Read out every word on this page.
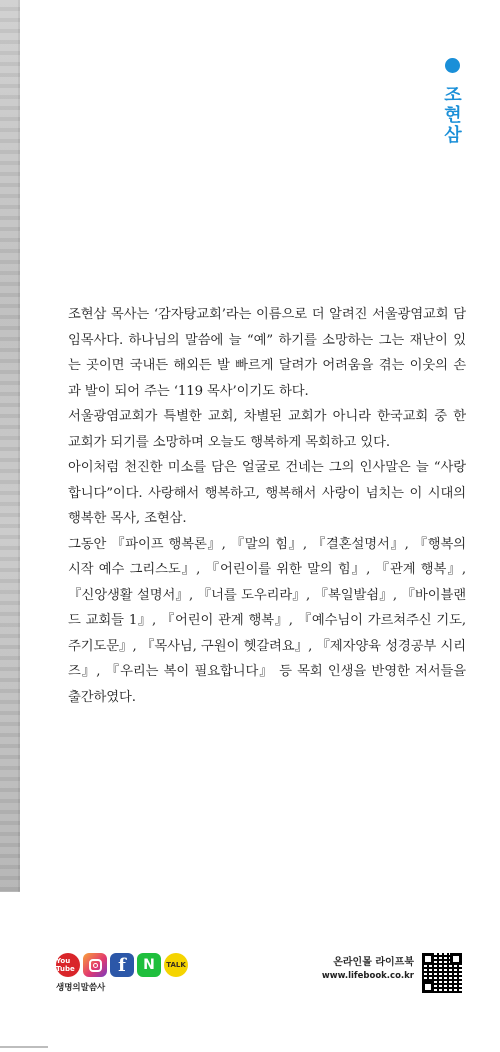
조현삼

조현삼 목사는 ‘감자탕교회’라는 이름으로 더 알려진 서울광염교회 담임목사다. 하나님의 말씀에 늘 “예” 하기를 소망하는 그는 재난이 있는 곳이면 국내든 해외든 발 빠르게 달려가 어려움을 겪는 이웃의 손과 발이 되어 주는 ‘119 목사’이기도 하다.

서울광염교회가 특별한 교회, 차별된 교회가 아니라 한국교회 중 한 교회가 되기를 소망하며 오늘도 행복하게 목회하고 있다.

아이처럼 천진한 미소를 담은 얼굴로 건네는 그의 인사말은 늘 “사랑합니다”이다. 사랑해서 행복하고, 행복해서 사랑이 넘치는 이 시대의 행복한 목사, 조현삼.

그동안 『파이프 행복론』, 『말의 힘』, 『결혼설명서』, 『행복의 시작 예수 그리스도』, 『어린이를 위한 말의 힘』, 『관계 행복』, 『신앙생활 설명서』, 『너를 도우리라』, 『복일발쉼』, 『바이블랜드 교회들 1』, 『어린이 관계 행복』, 『예수님이 가르쳐주신 기도, 주기도문』, 『목사님, 구원이 헷갈려요』, 『제자양육 성경공부 시리즈』, 『우리는 복이 필요합니다』 등 목회 인생을 반영한 저서들을 출간하였다.

You Tube f N TALK
생명의말씀사
온라인몰 라이프북
www.lifebook.co.kr
